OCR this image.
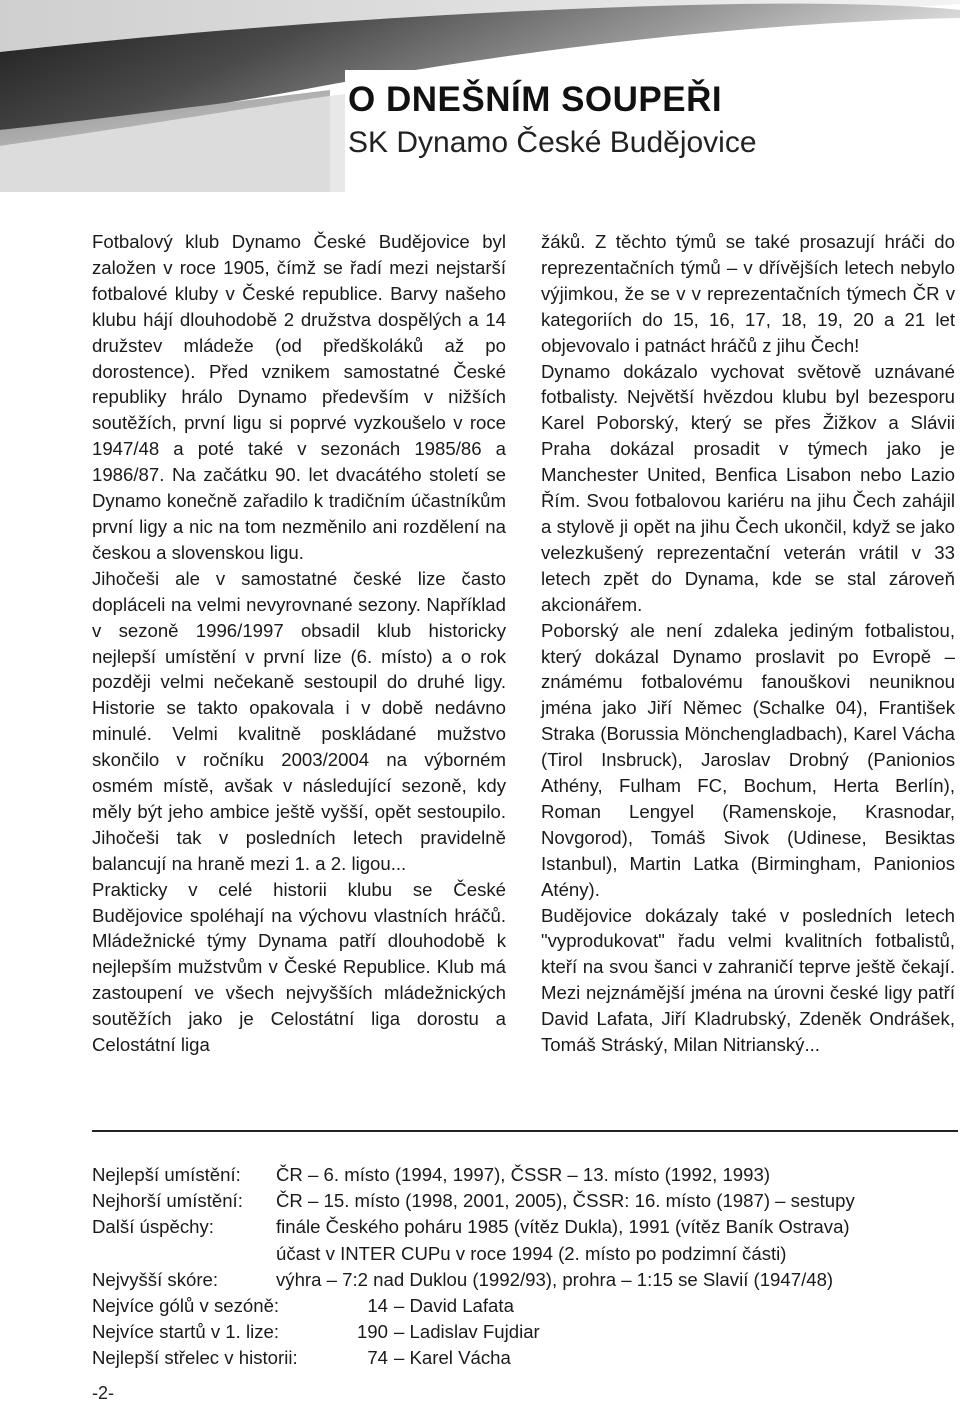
O DNEŠNÍM SOUPEŘI
SK Dynamo České Budějovice

Fotbalový klub Dynamo České Budějovice byl založen v roce 1905, čímž se řadí mezi nejstarší fotbalové kluby v České republice. Barvy našeho klubu hájí dlouhodobě 2 družstva dospělých a 14 družstev mládeže (od předškoláků až po dorostence). Před vznikem samostatné České republiky hrálo Dynamo především v nižších soutěžích, první ligu si poprvé vyzkoušelo v roce 1947/48 a poté také v sezonách 1985/86 a 1986/87. Na začátku 90. let dvacátého století se Dynamo konečně zařadilo k tradičním účastníkům první ligy a nic na tom nezměnilo ani rozdělení na českou a slovenskou ligu.

Jihočeši ale v samostatné české lize často dopláceli na velmi nevyrovnané sezony. Například v sezoně 1996/1997 obsadil klub historicky nejlepší umístění v první lize (6. místo) a o rok později velmi nečekaně sestoupil do druhé ligy. Historie se takto opakovala i v době nedávno minulé. Velmi kvalitně poskládané mužstvo skončilo v ročníku 2003/2004 na výborném osmém místě, avšak v následující sezoně, kdy měly být jeho ambice ještě vyšší, opět sestoupilo. Jihočeši tak v posledních letech pravidelně balancují na hraně mezi 1. a 2. ligou...

Prakticky v celé historii klubu se České Budějovice spoléhají na výchovu vlastních hráčů. Mládežnické týmy Dynama patří dlouhodobě k nejlepším mužstvům v České Republice. Klub má zastoupení ve všech nejvyšších mládežnických soutěžích jako je Celostátní liga dorostu a Celostátní liga

žáků. Z těchto týmů se také prosazují hráči do reprezentačních týmů – v dřívějších letech nebylo výjimkou, že se v v reprezentačních týmech ČR v kategoriích do 15, 16, 17, 18, 19, 20 a 21 let objevovalo i patnáct hráčů z jihu Čech!

Dynamo dokázalo vychovat světově uznávané fotbalisty. Největší hvězdou klubu byl bezesporu Karel Poborský, který se přes Žižkov a Slávii Praha dokázal prosadit v týmech jako je Manchester United, Benfica Lisabon nebo Lazio Řím. Svou fotbalovou kariéru na jihu Čech zahájil a stylově ji opět na jihu Čech ukončil, když se jako velezkušený reprezentační veterán vrátil v 33 letech zpět do Dynama, kde se stal zároveň akcionářem.

Poborský ale není zdaleka jediným fotbalistou, který dokázal Dynamo proslavit po Evropě – známému fotbalovému fanouškovi neuniknou jména jako Jiří Němec (Schalke 04), František Straka (Borussia Mönchengladbach), Karel Vácha (Tirol Insbruck), Jaroslav Drobný (Panionios Athény, Fulham FC, Bochum, Herta Berlín), Roman Lengyel (Ramenskoje, Krasnodar, Novgorod), Tomáš Sivok (Udinese, Besiktas Istanbul), Martin Latka (Birmingham, Panionios Atény).

Budějovice dokázaly také v posledních letech "vyprodukovat" řadu velmi kvalitních fotbalistů, kteří na svou šanci v zahraničí teprve ještě čekají. Mezi nejznámější jména na úrovni české ligy patří David Lafata, Jiří Kladrubský, Zdeněk Ondrášek, Tomáš Stráský, Milan Nitrianský...

Nejlepší umístění: ČR – 6. místo (1994, 1997), ČSSR – 13. místo (1992, 1993)
Nejhorší umístění: ČR – 15. místo (1998, 2001, 2005), ČSSR: 16. místo (1987) – sestupy
Další úspěchy:	finále Českého poháru 1985 (vítěz Dukla), 1991 (vítěz Baník Ostrava)
účast v INTER CUPu v roce 1994 (2. místo po podzimní části)
Nejvyšší skóre:	výhra – 7:2 nad Duklou (1992/93), prohra – 1:15 se Slavií (1947/48)
Nejvíce gólů v sezóně:	14 – David Lafata
Nejvíce startů v 1. lize:	190 – Ladislav Fujdiar
Nejlepší střelec v historii:	74 – Karel Vácha

-2-
